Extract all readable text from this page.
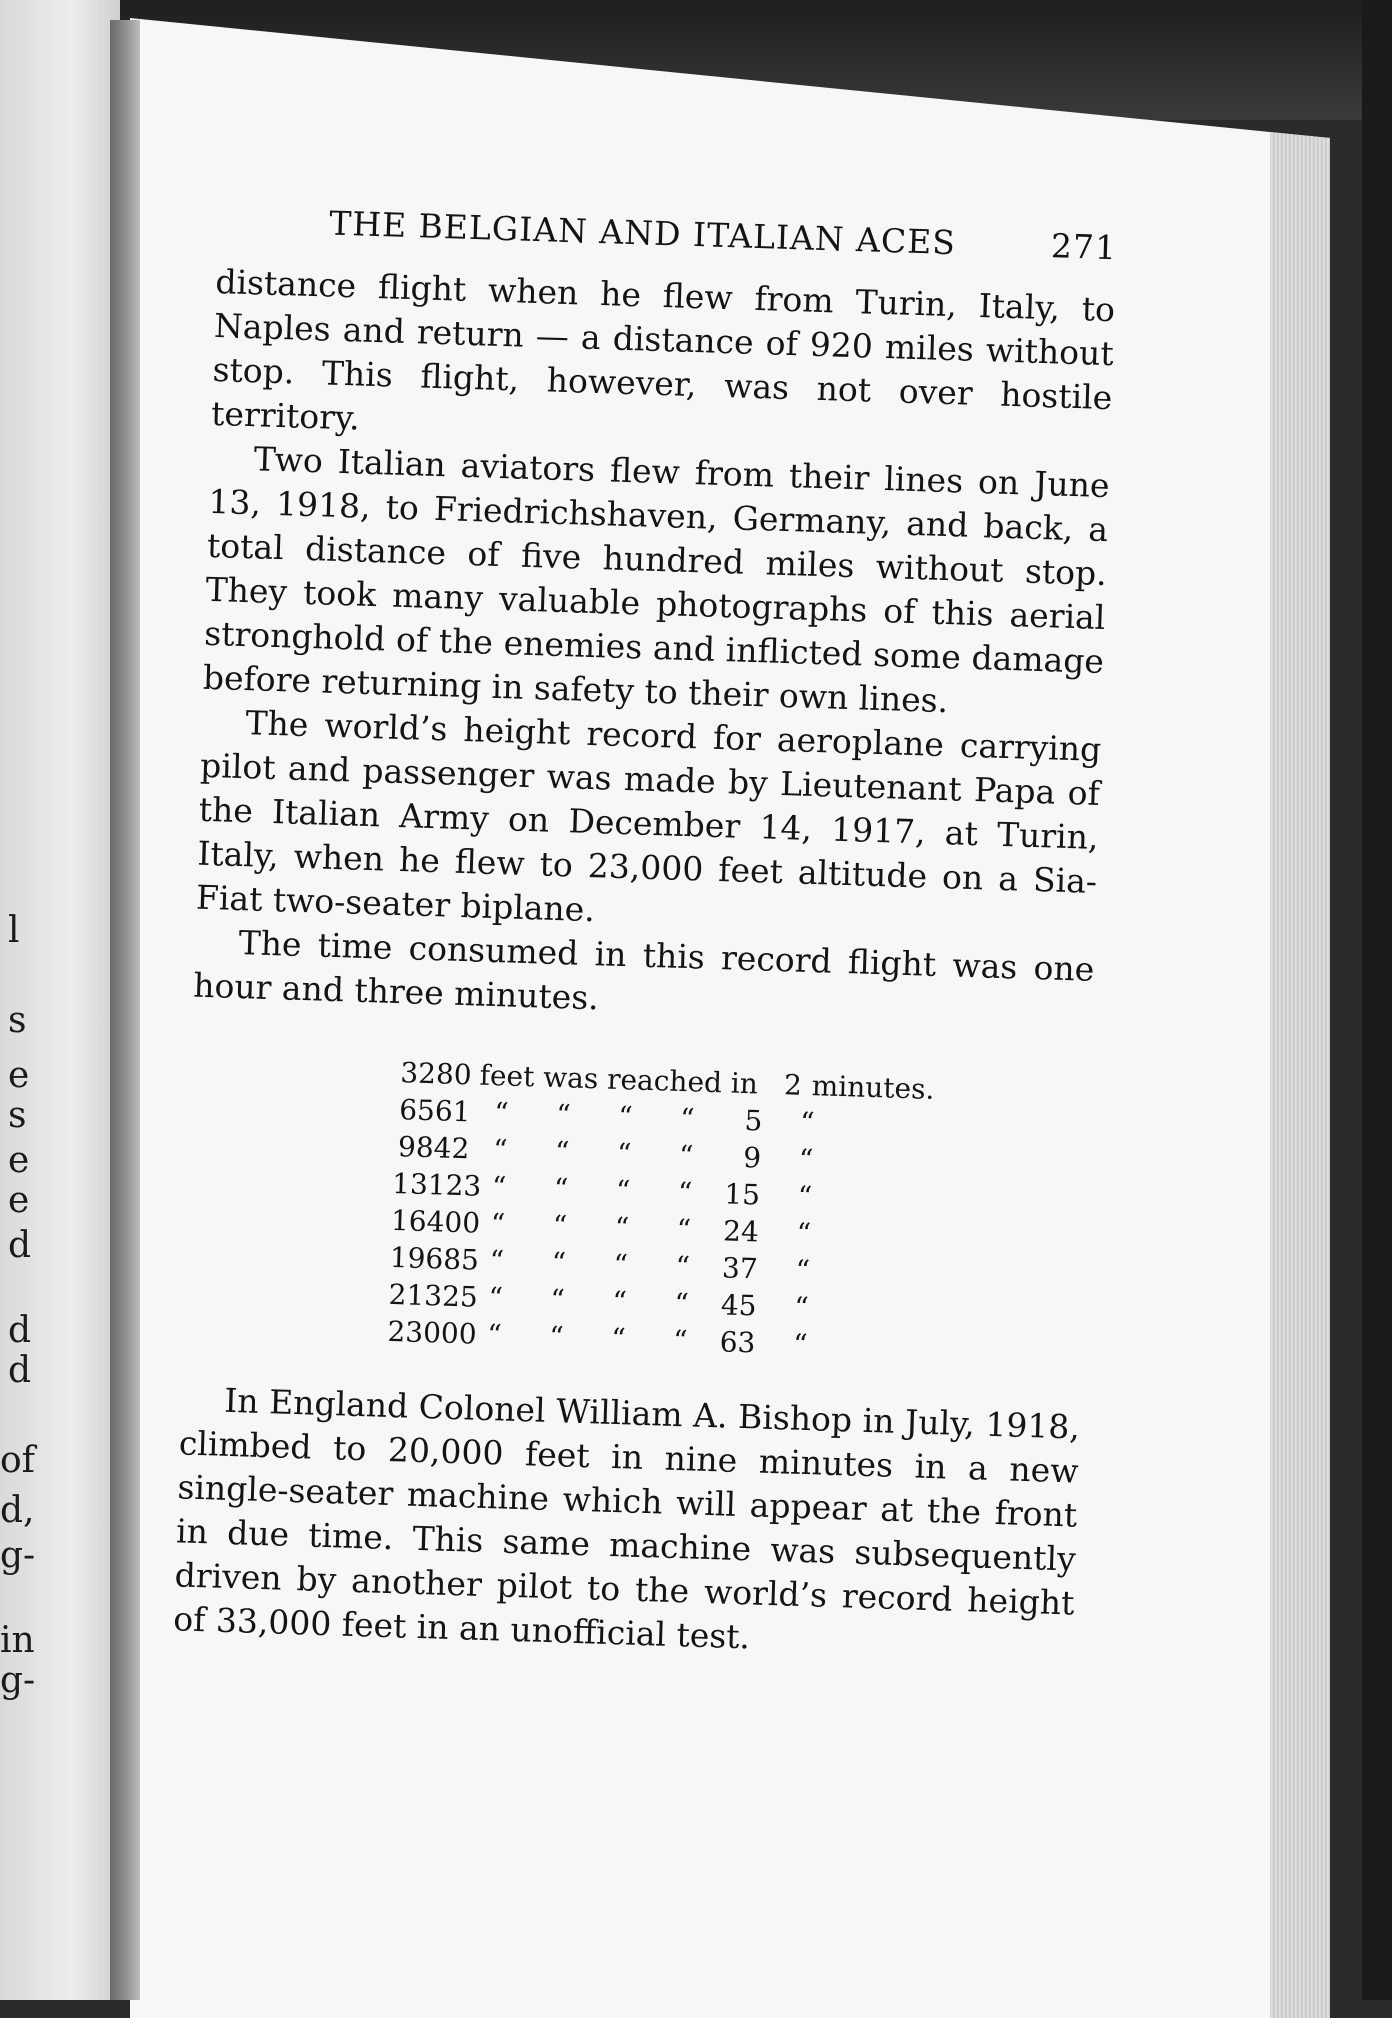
l
s
e
s
e
e
d
d
d
of
d,
g-
in
g-
THE BELGIAN AND ITALIAN ACES	271

distance flight when he flew from Turin, Italy, to Naples and return — a distance of 920 miles without stop. This flight, however, was not over hostile territory.

Two Italian aviators flew from their lines on June 13, 1918, to Friedrichshaven, Germany, and back, a total distance of five hundred miles without stop. They took many valuable photographs of this aerial stronghold of the enemies and inflicted some damage before returning in safety to their own lines.

The world’s height record for aeroplane carrying pilot and passenger was made by Lieutenant Papa of the Italian Army on December 14, 1917, at Turin, Italy, when he flew to 23,000 feet altitude on a Sia-Fiat two-seater biplane.

The time consumed in this record flight was one hour and three minutes.

3280 feet was reached in 2 minutes.
6561 “	“	“	“	5	“
9842 “	“	“	“	9	“
13123 “	“	“	“	15	“
16400 “	“	“	“	24	“
19685 “	“	“	“	37	“
21325 “	“	“	“	45	“
23000 “	“	“	“	63	“

In England Colonel William A. Bishop in July, 1918, climbed to 20,000 feet in nine minutes in a new single-seater machine which will appear at the front in due time. This same machine was subsequently driven by another pilot to the world’s record height of 33,000 feet in an unofficial test.
